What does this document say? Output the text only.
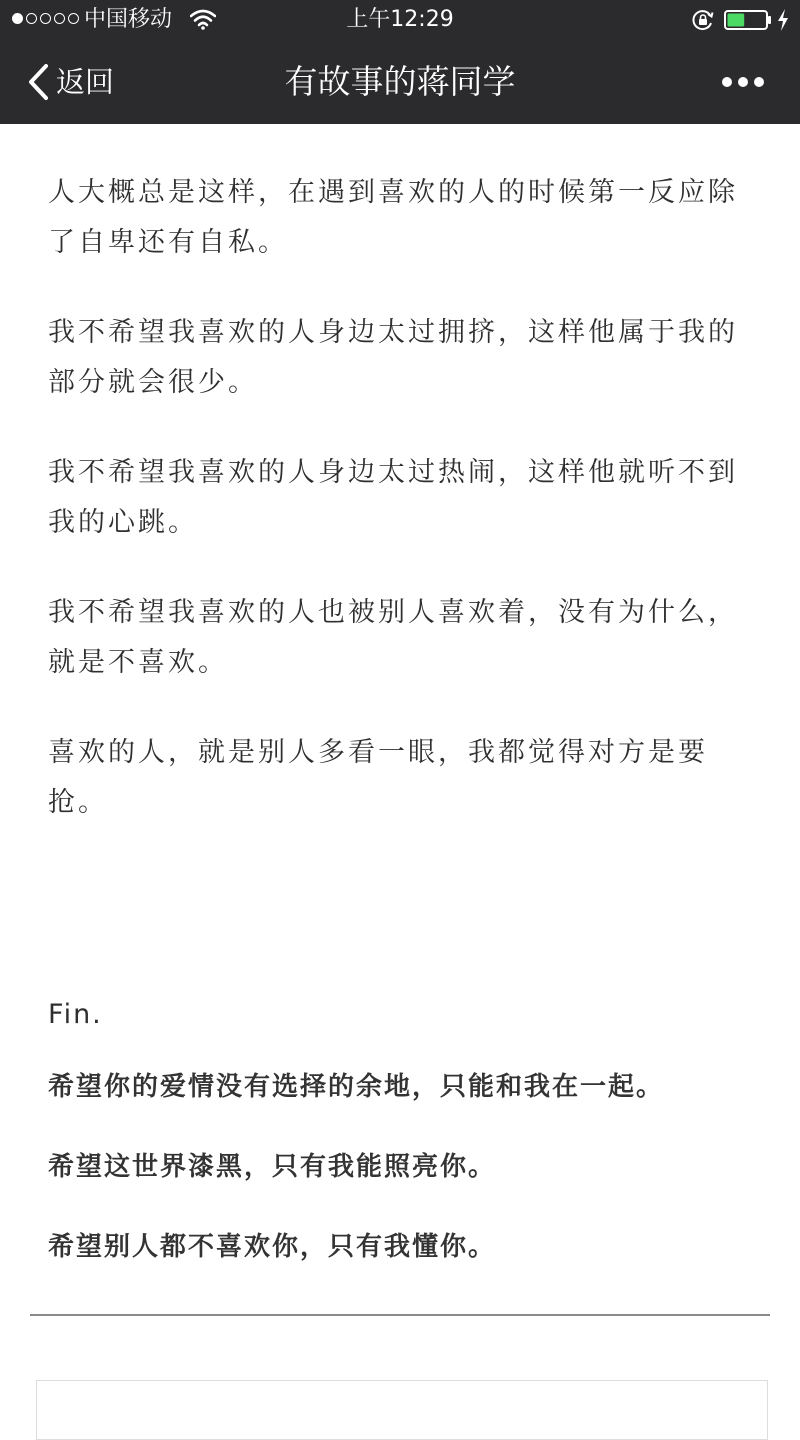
中国移动	上午12:29
返回	有故事的蒋同学

人大概总是这样，在遇到喜欢的人的时候第一反应除了自卑还有自私。

我不希望我喜欢的人身边太过拥挤，这样他属于我的部分就会很少。

我不希望我喜欢的人身边太过热闹，这样他就听不到我的心跳。

我不希望我喜欢的人也被别人喜欢着，没有为什么，就是不喜欢。

喜欢的人，就是别人多看一眼，我都觉得对方是要抢。

Fin.

希望你的爱情没有选择的余地，只能和我在一起。

希望这世界漆黑，只有我能照亮你。

希望别人都不喜欢你，只有我懂你。
